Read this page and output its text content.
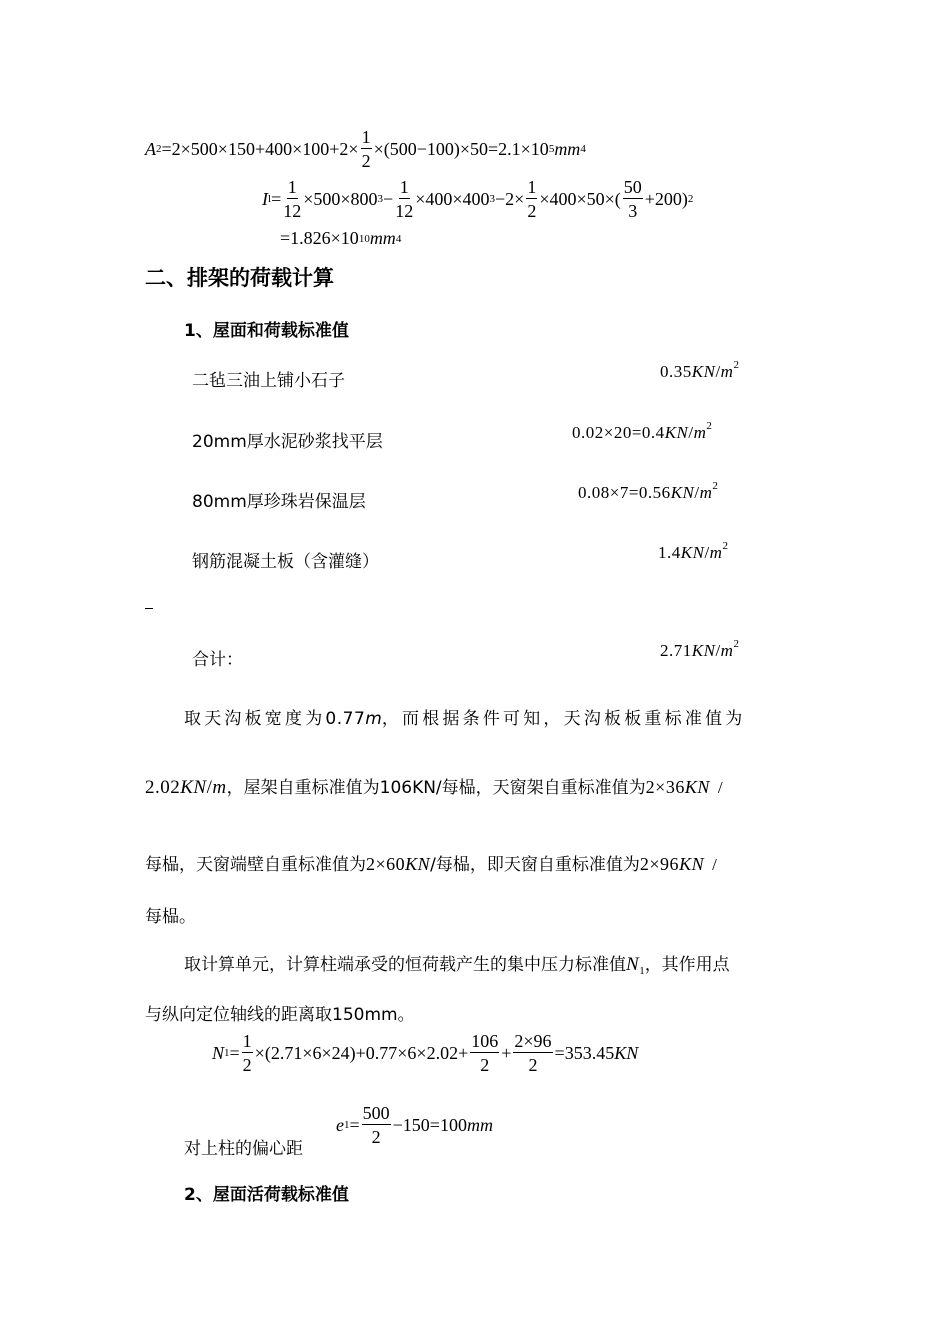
A $2 =2\times 500\times 150+400\times 100+2\times \frac{1}{2} \times(500-100)\times 50=2.1\times 10$ 5 mm 4
I $l = \frac{1}{12} \times 500\times 800$ $3 - \frac{1}{12} \times 400\times 400$ $3 -2\times \frac{1}{2} \times 400\times 50\times( \frac{50}{3} +200)$ 2
=1.826×10 10 mm 4
二、排架的荷载计算
1、屋面和荷载标准值
二毡三油上铺小石子	$0.35KN/m^2$
20mm厚水泥砂浆找平层	$0.02\times 20=0.4KN/m^2$
80mm厚珍珠岩保温层	$0.08\times 7=0.56KN/m^2$
钢筋混凝土板（含灌缝）	$1.4KN/m^2$
合计：	$2.71KN/m^2$
取天沟板宽度为0.77m，而根据条件可知，天沟板板重标准值为
2.02KN/m，屋架自重标准值为106KN/每榀，天窗架自重标准值为2×36KN /
每榀，天窗端壁自重标准值为2×60KN/每榀，即天窗自重标准值为2×96KN /
每榀。
取计算单元，计算柱端承受的恒荷载产生的集中压力标准值$N_1$，其作用点
与纵向定位轴线的距离取150mm。
N $1 = \frac{1}{2} \times(2.71\times 6\times 24)+0.77\times 6\times 2.02+ \frac{106}{2} + \frac{2\times 96}{2} =353.45$ KN
e $1 = \frac{500}{2} -150=100$ mm
对上柱的偏心距
2、屋面活荷载标准值
